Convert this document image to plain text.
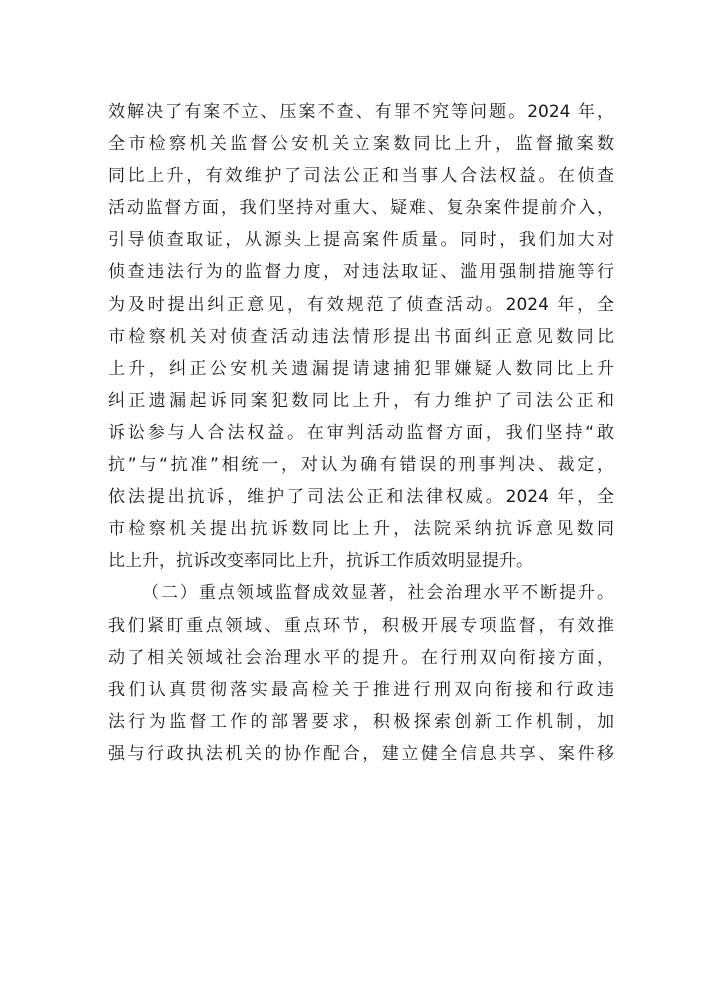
效解决了有案不立、压案不查、有罪不究等问题。2024 年，
全市检察机关监督公安机关立案数同比上升，监督撤案数
同比上升，有效维护了司法公正和当事人合法权益。在侦查
活动监督方面，我们坚持对重大、疑难、复杂案件提前介入，
引导侦查取证，从源头上提高案件质量。同时，我们加大对
侦查违法行为的监督力度，对违法取证、滥用强制措施等行
为及时提出纠正意见，有效规范了侦查活动。2024 年，全
市检察机关对侦查活动违法情形提出书面纠正意见数同比
上升，纠正公安机关遗漏提请逮捕犯罪嫌疑人数同比上升
纠正遗漏起诉同案犯数同比上升，有力维护了司法公正和
诉讼参与人合法权益。在审判活动监督方面，我们坚持“敢
抗”与“抗准”相统一，对认为确有错误的刑事判决、裁定，
依法提出抗诉，维护了司法公正和法律权威。2024 年，全
市检察机关提出抗诉数同比上升，法院采纳抗诉意见数同
比上升，抗诉改变率同比上升，抗诉工作质效明显提升。
（二）重点领域监督成效显著，社会治理水平不断提升。
我们紧盯重点领域、重点环节，积极开展专项监督，有效推
动了相关领域社会治理水平的提升。在行刑双向衔接方面，
我们认真贯彻落实最高检关于推进行刑双向衔接和行政违
法行为监督工作的部署要求，积极探索创新工作机制，加
强与行政执法机关的协作配合，建立健全信息共享、案件移
